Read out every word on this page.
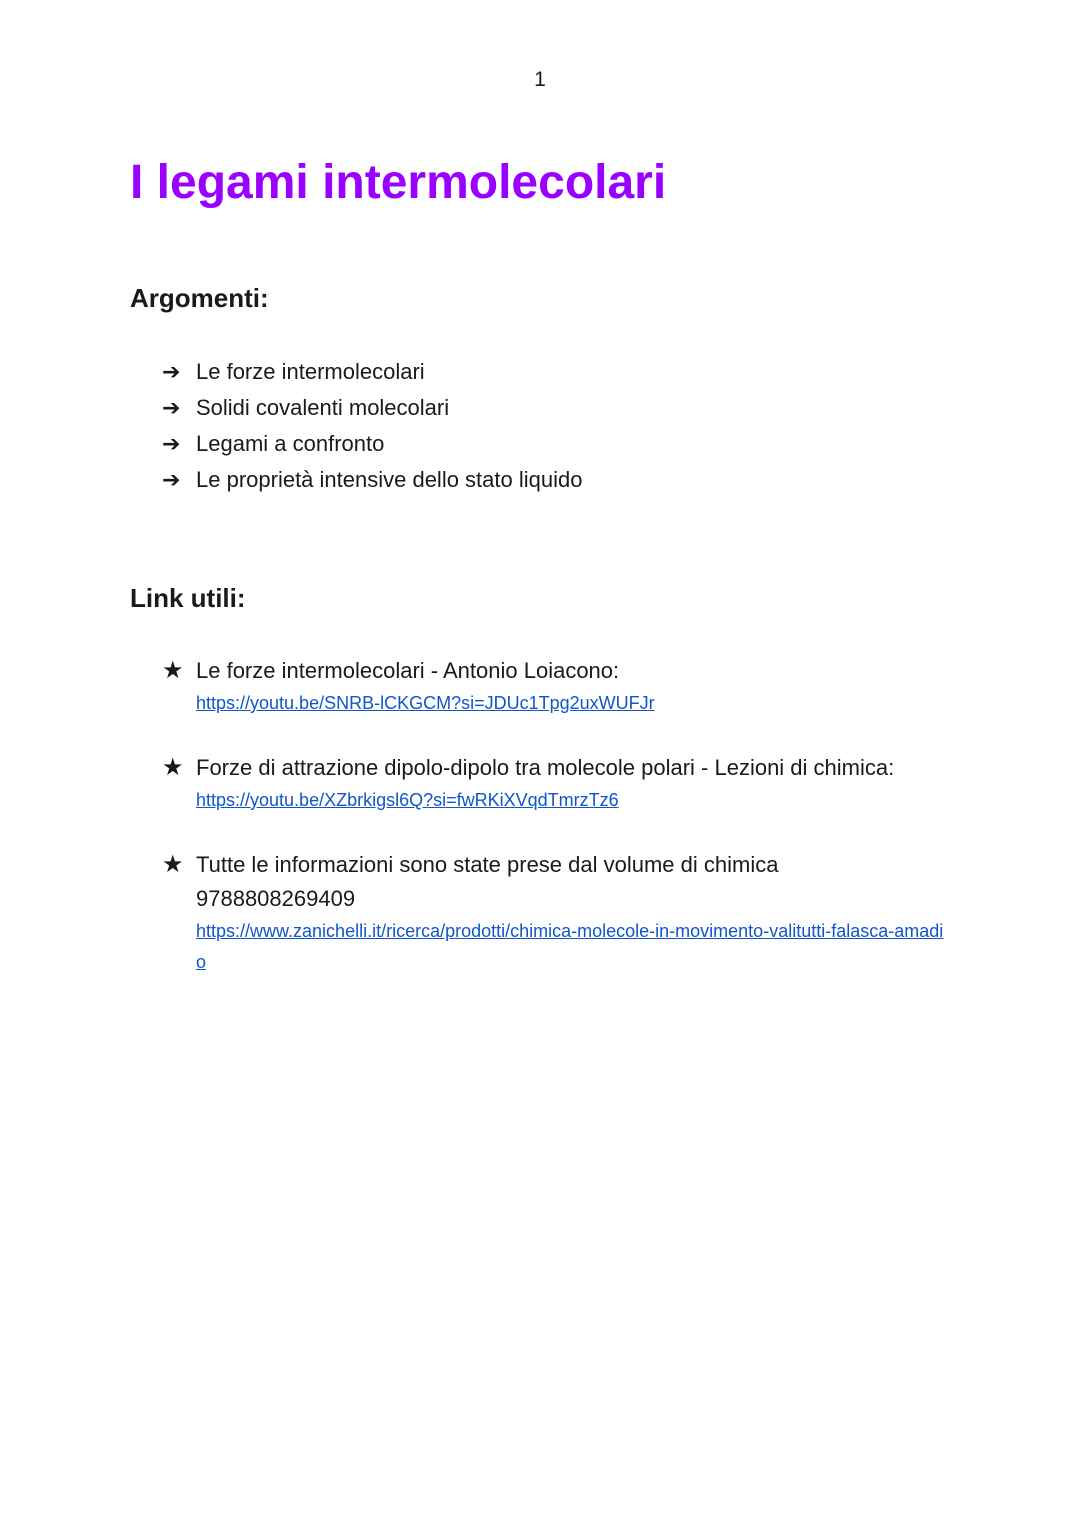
1
I legami intermolecolari
Argomenti:
➔ Le forze intermolecolari
➔ Solidi covalenti molecolari
➔ Legami a confronto
➔ Le proprietà intensive dello stato liquido
Link utili:
★ Le forze intermolecolari - Antonio Loiacono:
https://youtu.be/SNRB-lCKGCM?si=JDUc1Tpg2uxWUFJr
★ Forze di attrazione dipolo-dipolo tra molecole polari - Lezioni di chimica:
https://youtu.be/XZbrkigsl6Q?si=fwRKiXVqdTmrzTz6
★ Tutte le informazioni sono state prese dal volume di chimica
9788808269409
https://www.zanichelli.it/ricerca/prodotti/chimica-molecole-in-movimento-valitutti-falasca-amadio
